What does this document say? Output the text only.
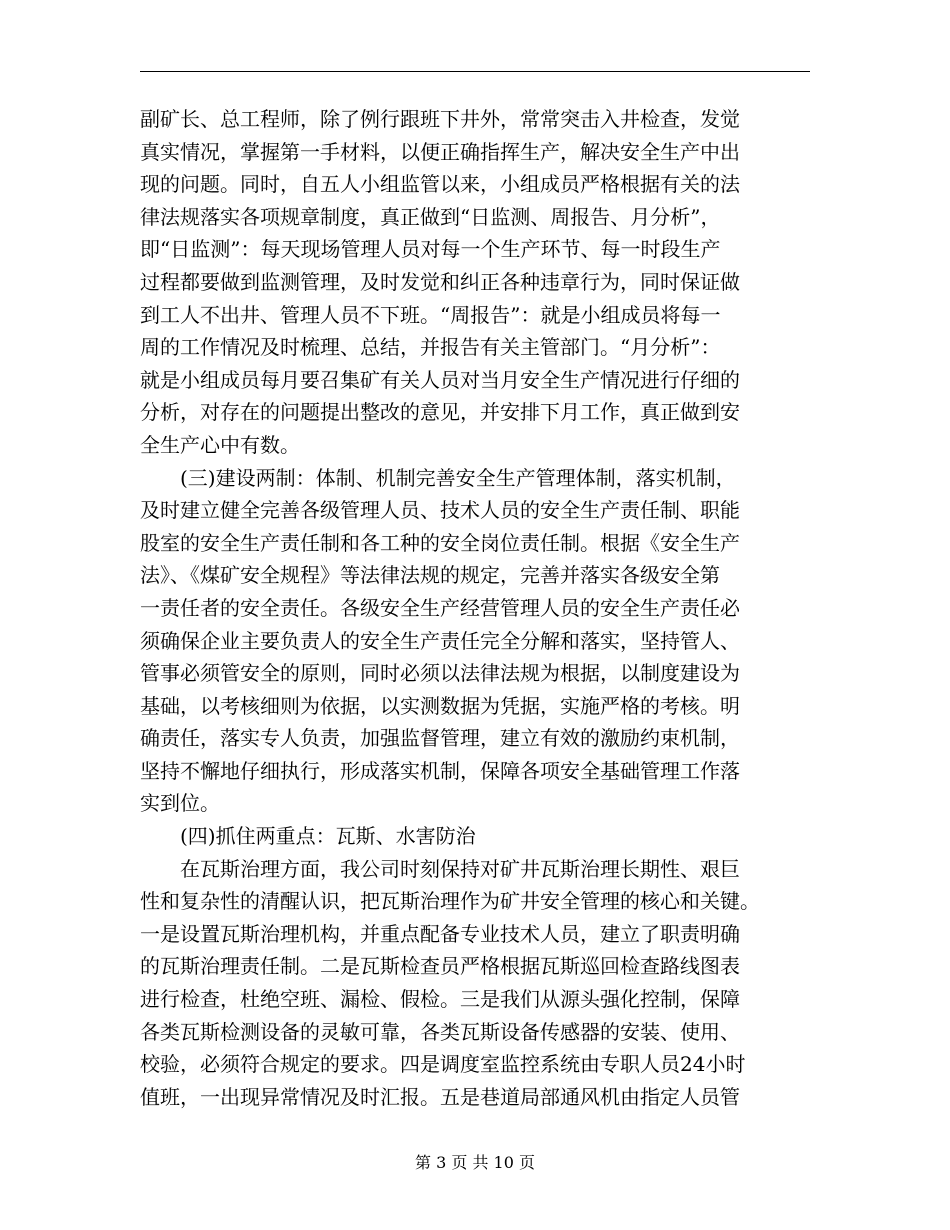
副矿长、总工程师，除了例行跟班下井外，常常突击入井检查，发觉
真实情况，掌握第一手材料，以便正确指挥生产，解决安全生产中出
现的问题。同时，自五人小组监管以来，小组成员严格根据有关的法
律法规落实各项规章制度，真正做到“日监测、周报告、月分析”，
即“日监测”：每天现场管理人员对每一个生产环节、每一时段生产
过程都要做到监测管理，及时发觉和纠正各种违章行为，同时保证做
到工人不出井、管理人员不下班。“周报告”：就是小组成员将每一
周的工作情况及时梳理、总结，并报告有关主管部门。“月分析”：
就是小组成员每月要召集矿有关人员对当月安全生产情况进行仔细的
分析，对存在的问题提出整改的意见，并安排下月工作，真正做到安
全生产心中有数。
　　(三)建设两制：体制、机制完善安全生产管理体制，落实机制，
及时建立健全完善各级管理人员、技术人员的安全生产责任制、职能
股室的安全生产责任制和各工种的安全岗位责任制。根据《安全生产
法》、《煤矿安全规程》等法律法规的规定，完善并落实各级安全第
一责任者的安全责任。各级安全生产经营管理人员的安全生产责任必
须确保企业主要负责人的安全生产责任完全分解和落实，坚持管人、
管事必须管安全的原则，同时必须以法律法规为根据，以制度建设为
基础，以考核细则为依据，以实测数据为凭据，实施严格的考核。明
确责任，落实专人负责，加强监督管理，建立有效的激励约束机制，
坚持不懈地仔细执行，形成落实机制，保障各项安全基础管理工作落
实到位。
　　(四)抓住两重点：瓦斯、水害防治
　　在瓦斯治理方面，我公司时刻保持对矿井瓦斯治理长期性、艰巨
性和复杂性的清醒认识，把瓦斯治理作为矿井安全管理的核心和关键。
一是设置瓦斯治理机构，并重点配备专业技术人员，建立了职责明确
的瓦斯治理责任制。二是瓦斯检查员严格根据瓦斯巡回检查路线图表
进行检查，杜绝空班、漏检、假检。三是我们从源头强化控制，保障
各类瓦斯检测设备的灵敏可靠，各类瓦斯设备传感器的安装、使用、
校验，必须符合规定的要求。四是调度室监控系统由专职人员24小时
值班，一出现异常情况及时汇报。五是巷道局部通风机由指定人员管
第 3 页 共 10 页
